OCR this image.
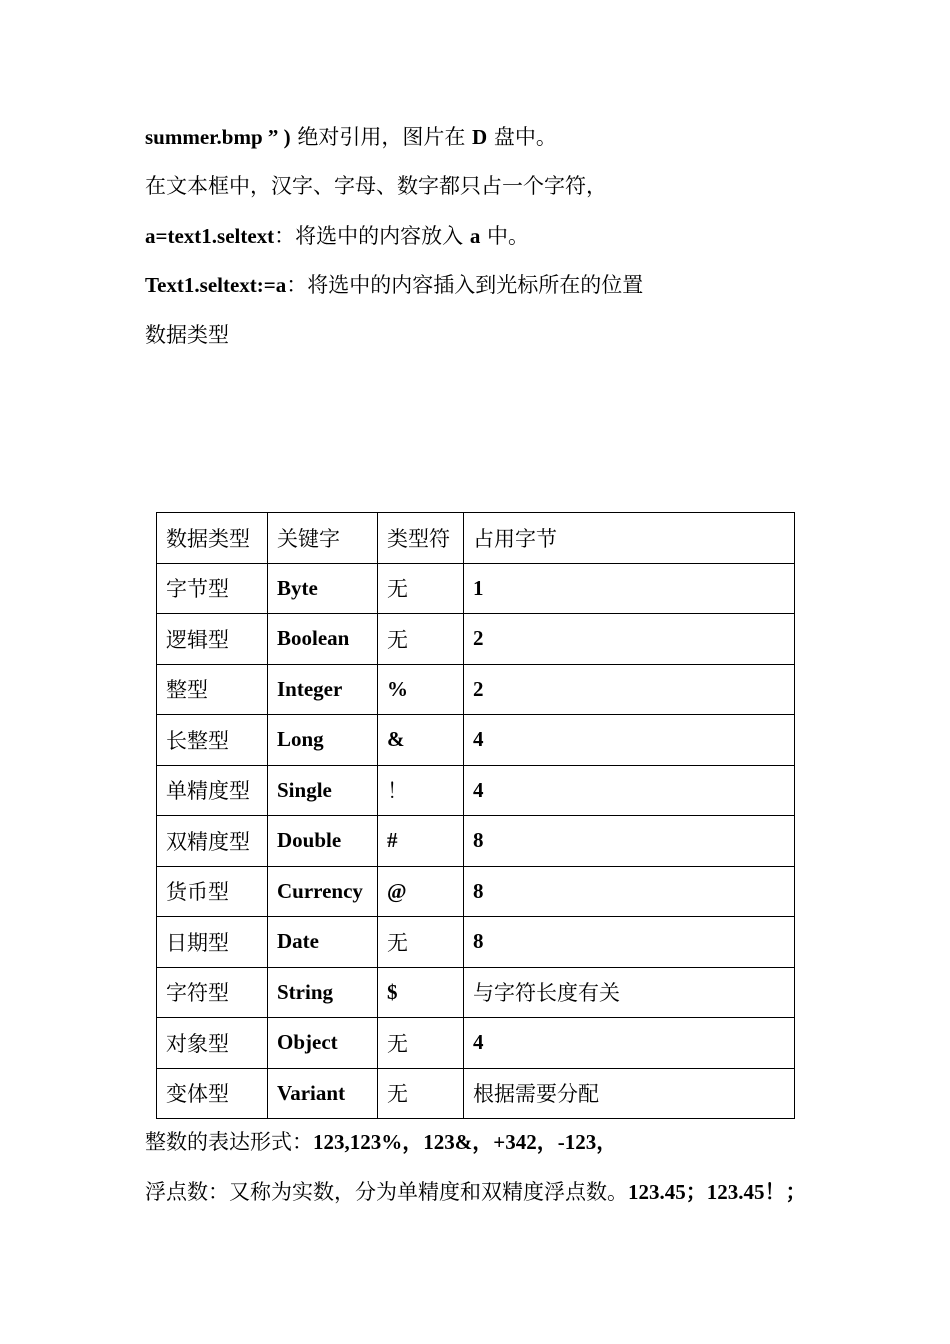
summer.bmp ” ) 绝对引用，图片在 D 盘中。
在文本框中，汉字、字母、数字都只占一个字符，
a=text1.seltext：将选中的内容放入 a 中。
Text1.seltext:=a：将选中的内容插入到光标所在的位置
数据类型
数据类型	关键字	类型符	占用字节
字节型	Byte	无	1
逻辑型	Boolean	无	2
整型	Integer	%	2
长整型	Long	&	4
单精度型	Single	！	4
双精度型	Double	#	8
货币型	Currency	@	8
日期型	Date	无	8
字符型	String	$	与字符长度有关
对象型	Object	无	4
变体型	Variant	无	根据需要分配
整数的表达形式：123,123%，123&，+342，-123，
浮点数：又称为实数，分为单精度和双精度浮点数。123.45；123.45！；
